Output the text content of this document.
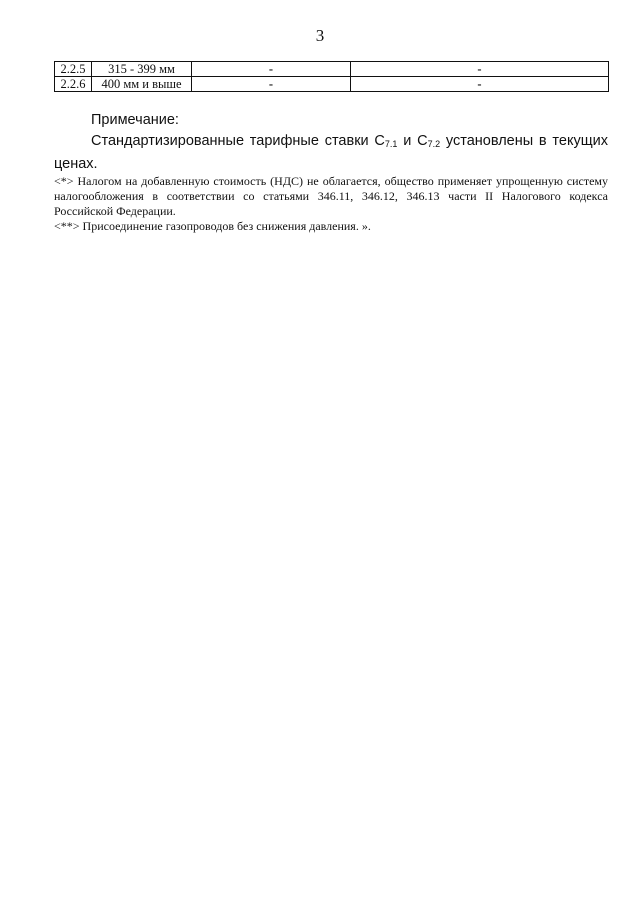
3
2.2.5	315 - 399 мм	-	-
2.2.6	400 мм и выше	-	-
Примечание:

Стандартизированные тарифные ставки $С_{7.1}$ и $С_{7.2}$ установлены в текущих ценах.

<*> Налогом на добавленную стоимость (НДС) не облагается, общество применяет упрощенную систему налогообложения в соответствии со статьями 346.11, 346.12, 346.13 части II Налогового кодекса Российской Федерации.

<**> Присоединение газопроводов без снижения давления. ».
